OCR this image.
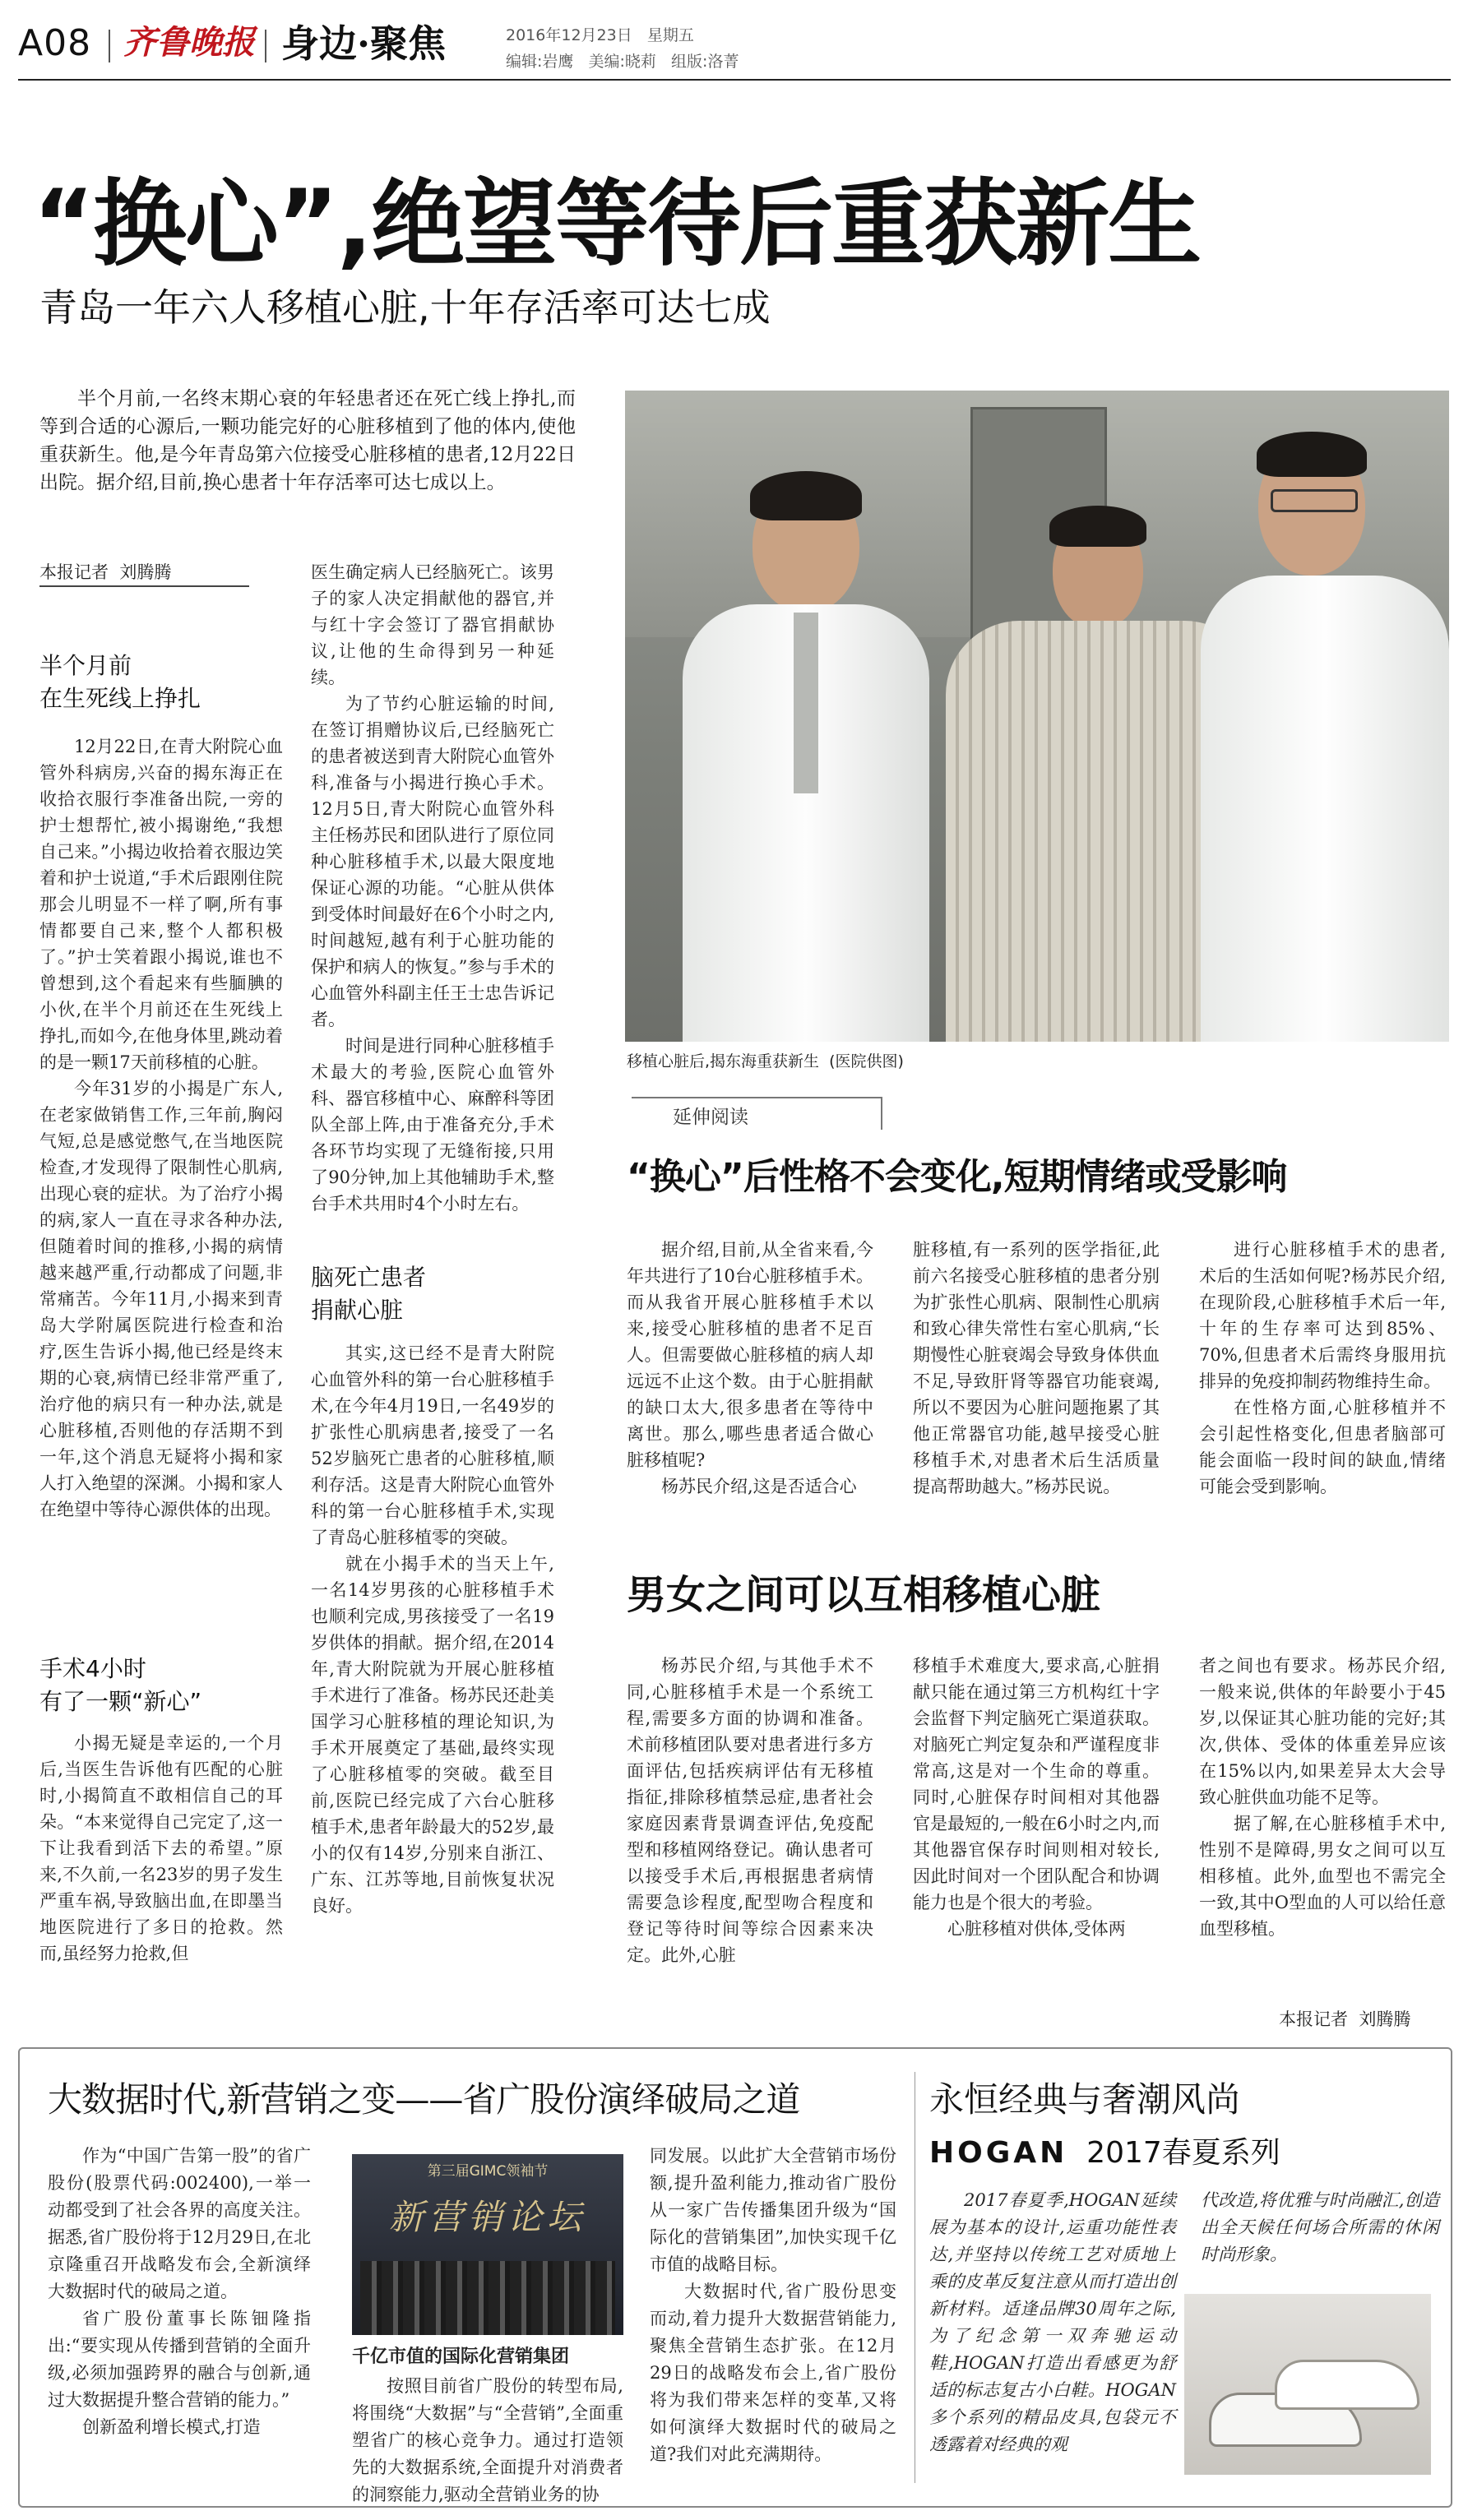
A08 齐鲁晚报 身边·聚焦	2016年12月23日 星期五
编辑:岩鹰   美编:晓莉   组版:洛菁
“换心”,绝望等待后重获新生
青岛一年六人移植心脏,十年存活率可达七成

半个月前,一名终末期心衰的年轻患者还在死亡线上挣扎,而等到合适的心源后,一颗功能完好的心脏移植到了他的体内,使他重获新生。他,是今年青岛第六位接受心脏移植的患者,12月22日出院。据介绍,目前,换心患者十年存活率可达七成以上。

本报记者  刘腾腾
半个月前
在生死线上挣扎

12月22日,在青大附院心血管外科病房,兴奋的揭东海正在收拾衣服行李准备出院,一旁的护士想帮忙,被小揭谢绝,“我想自己来。”小揭边收拾着衣服边笑着和护士说道,“手术后跟刚住院那会儿明显不一样了啊,所有事情都要自己来,整个人都积极了。”护士笑着跟小揭说,谁也不曾想到,这个看起来有些腼腆的小伙,在半个月前还在生死线上挣扎,而如今,在他身体里,跳动着的是一颗17天前移植的心脏。

今年31岁的小揭是广东人,在老家做销售工作,三年前,胸闷气短,总是感觉憋气,在当地医院检查,才发现得了限制性心肌病,出现心衰的症状。为了治疗小揭的病,家人一直在寻求各种办法,但随着时间的推移,小揭的病情越来越严重,行动都成了问题,非常痛苦。今年11月,小揭来到青岛大学附属医院进行检查和治疗,医生告诉小揭,他已经是终末期的心衰,病情已经非常严重了,治疗他的病只有一种办法,就是心脏移植,否则他的存活期不到一年,这个消息无疑将小揭和家人打入绝望的深渊。小揭和家人在绝望中等待心源供体的出现。

手术4小时
有了一颗“新心”

小揭无疑是幸运的,一个月后,当医生告诉他有匹配的心脏时,小揭简直不敢相信自己的耳朵。“本来觉得自己完定了,这一下让我看到活下去的希望。”原来,不久前,一名23岁的男子发生严重车祸,导致脑出血,在即墨当地医院进行了多日的抢救。然而,虽经努力抢救,但

医生确定病人已经脑死亡。该男子的家人决定捐献他的器官,并与红十字会签订了器官捐献协议,让他的生命得到另一种延续。

为了节约心脏运输的时间,在签订捐赠协议后,已经脑死亡的患者被送到青大附院心血管外科,准备与小揭进行换心手术。12月5日,青大附院心血管外科主任杨苏民和团队进行了原位同种心脏移植手术,以最大限度地保证心源的功能。“心脏从供体到受体时间最好在6个小时之内,时间越短,越有利于心脏功能的保护和病人的恢复。”参与手术的心血管外科副主任王士忠告诉记者。

时间是进行同种心脏移植手术最大的考验,医院心血管外科、器官移植中心、麻醉科等团队全部上阵,由于准备充分,手术各环节均实现了无缝衔接,只用了90分钟,加上其他辅助手术,整台手术共用时4个小时左右。

脑死亡患者
捐献心脏

其实,这已经不是青大附院心血管外科的第一台心脏移植手术,在今年4月19日,一名49岁的扩张性心肌病患者,接受了一名52岁脑死亡患者的心脏移植,顺利存活。这是青大附院心血管外科的第一台心脏移植手术,实现了青岛心脏移植零的突破。

就在小揭手术的当天上午,一名14岁男孩的心脏移植手术也顺利完成,男孩接受了一名19岁供体的捐献。据介绍,在2014年,青大附院就为开展心脏移植手术进行了准备。杨苏民还赴美国学习心脏移植的理论知识,为手术开展奠定了基础,最终实现了心脏移植零的突破。截至目前,医院已经完成了六台心脏移植手术,患者年龄最大的52岁,最小的仅有14岁,分别来自浙江、广东、江苏等地,目前恢复状况良好。

移植心脏后,揭东海重获新生  (医院供图)
延伸阅读
“换心”后性格不会变化,短期情绪或受影响

据介绍,目前,从全省来看,今年共进行了10台心脏移植手术。而从我省开展心脏移植手术以来,接受心脏移植的患者不足百人。但需要做心脏移植的病人却远远不止这个数。由于心脏捐献的缺口太大,很多患者在等待中离世。那么,哪些患者适合做心脏移植呢?

杨苏民介绍,这是否适合心

脏移植,有一系列的医学指征,此前六名接受心脏移植的患者分别为扩张性心肌病、限制性心肌病和致心律失常性右室心肌病,“长期慢性心脏衰竭会导致身体供血不足,导致肝肾等器官功能衰竭,所以不要因为心脏问题拖累了其他正常器官功能,越早接受心脏移植手术,对患者术后生活质量提高帮助越大。”杨苏民说。

进行心脏移植手术的患者,术后的生活如何呢?杨苏民介绍,在现阶段,心脏移植手术后一年,十年的生存率可达到85%、70%,但患者术后需终身服用抗排异的免疫抑制药物维持生命。

在性格方面,心脏移植并不会引起性格变化,但患者脑部可能会面临一段时间的缺血,情绪可能会受到影响。

男女之间可以互相移植心脏

杨苏民介绍,与其他手术不同,心脏移植手术是一个系统工程,需要多方面的协调和准备。术前移植团队要对患者进行多方面评估,包括疾病评估有无移植指征,排除移植禁忌症,患者社会家庭因素背景调查评估,免疫配型和移植网络登记。确认患者可以接受手术后,再根据患者病情需要急诊程度,配型吻合程度和登记等待时间等综合因素来决定。此外,心脏

移植手术难度大,要求高,心脏捐献只能在通过第三方机构红十字会监督下判定脑死亡渠道获取。对脑死亡判定复杂和严谨程度非常高,这是对一个生命的尊重。同时,心脏保存时间相对其他器官是最短的,一般在6小时之内,而其他器官保存时间则相对较长,因此时间对一个团队配合和协调能力也是个很大的考验。

心脏移植对供体,受体两

者之间也有要求。杨苏民介绍,一般来说,供体的年龄要小于45岁,以保证其心脏功能的完好;其次,供体、受体的体重差异应该在15%以内,如果差异太大会导致心脏供血功能不足等。

据了解,在心脏移植手术中,性别不是障碍,男女之间可以互相移植。此外,血型也不需完全一致,其中O型血的人可以给任意血型移植。

本报记者  刘腾腾
大数据时代,新营销之变——省广股份演绎破局之道

作为“中国广告第一股”的省广股份(股票代码:002400),一举一动都受到了社会各界的高度关注。据悉,省广股份将于12月29日,在北京隆重召开战略发布会,全新演绎大数据时代的破局之道。

省广股份董事长陈钿隆指出:“要实现从传播到营销的全面升级,必须加强跨界的融合与创新,通过大数据提升整合营销的能力。”

创新盈利增长模式,打造

第三届GIMC领袖节
新营销论坛
千亿市值的国际化营销集团

按照目前省广股份的转型布局,将围绕“大数据”与“全营销”,全面重塑省广的核心竞争力。通过打造领先的大数据系统,全面提升对消费者的洞察能力,驱动全营销业务的协

同发展。以此扩大全营销市场份额,提升盈利能力,推动省广股份从一家广告传播集团升级为“国际化的营销集团”,加快实现千亿市值的战略目标。

大数据时代,省广股份思变而动,着力提升大数据营销能力,聚焦全营销生态扩张。在12月29日的战略发布会上,省广股份将为我们带来怎样的变革,又将如何演绎大数据时代的破局之道?我们对此充满期待。

永恒经典与奢潮风尚
HOGAN 2017春夏系列

2017春夏季,HOGAN延续展为基本的设计,运重功能性表达,并坚持以传统工艺对质地上乘的皮革反复注意从而打造出创新材料。适逢品牌30周年之际,为了纪念第一双奔驰运动鞋,HOGAN打造出看感更为舒适的标志复古小白鞋。HOGAN多个系列的精品皮具,包袋元不透露着对经典的观

代改造,将优雅与时尚融汇,创造出全天候任何场合所需的休闲时尚形象。
